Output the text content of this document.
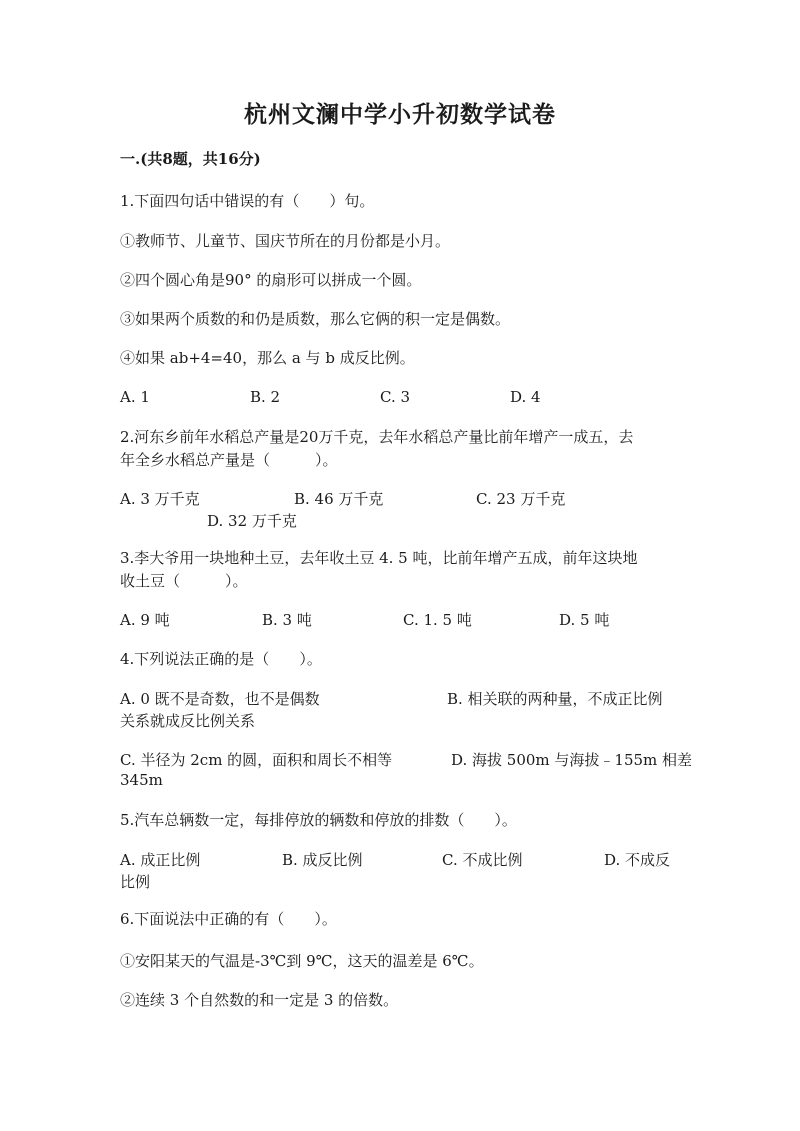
杭州文澜中学小升初数学试卷
一.(共8题，共16分)
1.下面四句话中错误的有（　　）句。
①教师节、儿童节、国庆节所在的月份都是小月。
②四个圆心角是90° 的扇形可以拼成一个圆。
③如果两个质数的和仍是质数，那么它俩的积一定是偶数。
④如果 ab+4=40，那么 a 与 b 成反比例。
A. 1	B. 2	C. 3	D. 4
2.河东乡前年水稻总产量是20万千克，去年水稻总产量比前年增产一成五，去
年全乡水稻总产量是（　　　）。
A. 3 万千克	B. 46 万千克	C. 23 万千克
D. 32 万千克
3.李大爷用一块地种土豆，去年收土豆 4. 5 吨，比前年增产五成，前年这块地
收土豆（　　　）。
A. 9 吨	B. 3 吨	C. 1. 5 吨	D. 5 吨
4.下列说法正确的是（　　）。
A. 0 既不是奇数，也不是偶数	B. 相关联的两种量，不成正比例
关系就成反比例关系
C. 半径为 2cm 的圆，面积和周长不相等	D. 海拔 500m 与海拔﹣155m 相差
345m
5.汽车总辆数一定，每排停放的辆数和停放的排数（　　）。
A. 成正比例	B. 成反比例	C. 不成比例	D. 不成反
比例
6.下面说法中正确的有（　　）。
①安阳某天的气温是-3℃到 9℃，这天的温差是 6℃。
②连续 3 个自然数的和一定是 3 的倍数。
